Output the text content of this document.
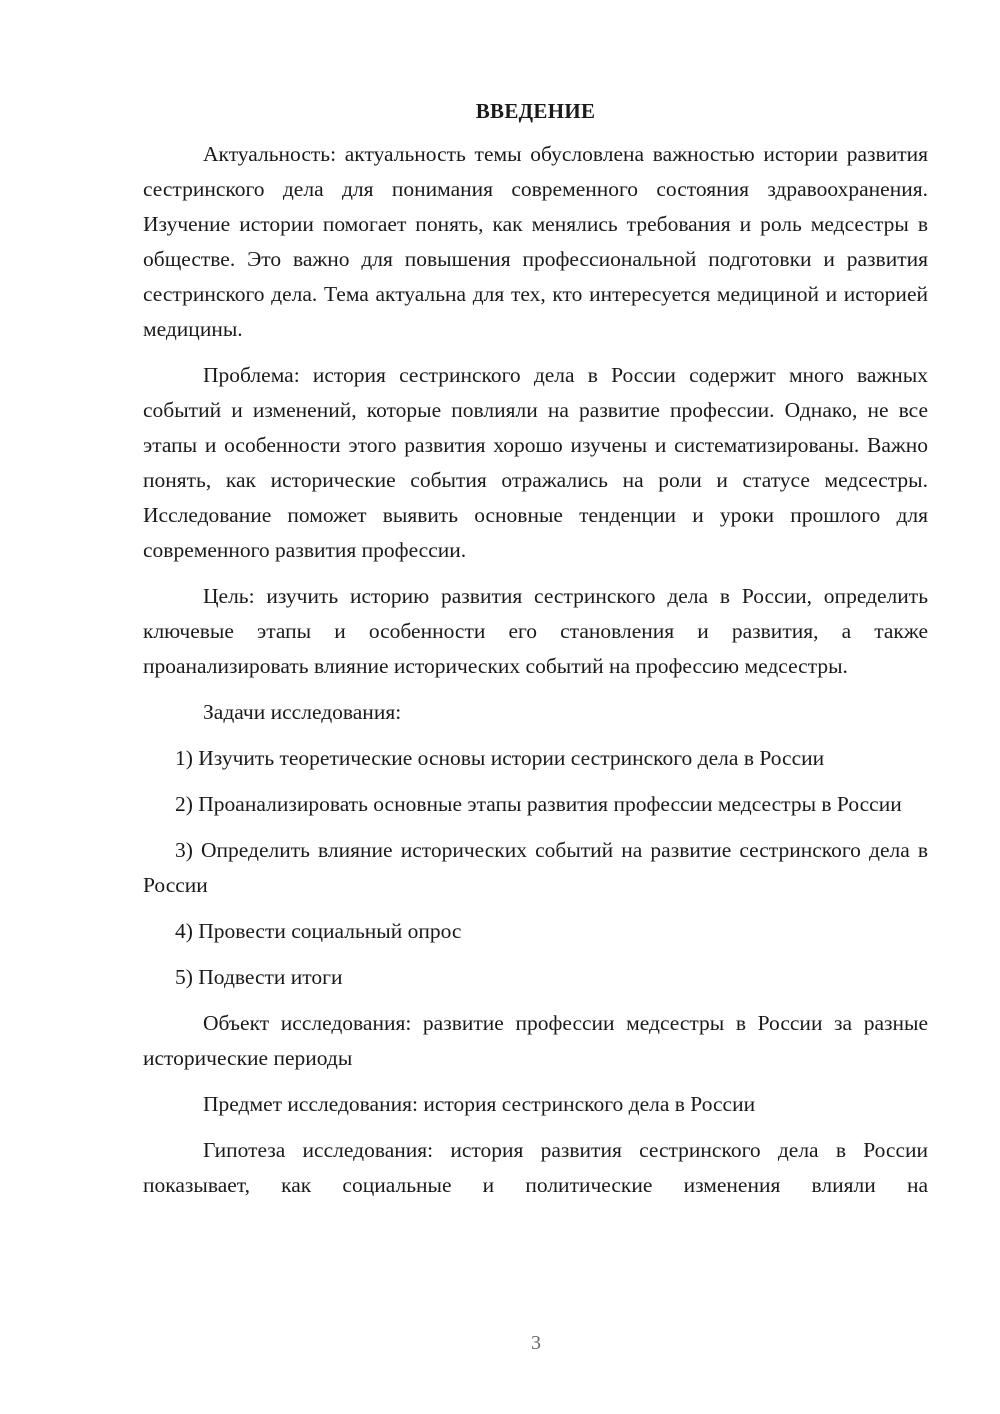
ВВЕДЕНИЕ

Актуальность: актуальность темы обусловлена важностью истории развития сестринского дела для понимания современного состояния здравоохранения. Изучение истории помогает понять, как менялись требования и роль медсестры в обществе. Это важно для повышения профессиональной подготовки и развития сестринского дела. Тема актуальна для тех, кто интересуется медициной и историей медицины.

Проблема: история сестринского дела в России содержит много важных событий и изменений, которые повлияли на развитие профессии. Однако, не все этапы и особенности этого развития хорошо изучены и систематизированы. Важно понять, как исторические события отражались на роли и статусе медсестры. Исследование поможет выявить основные тенденции и уроки прошлого для современного развития профессии.

Цель: изучить историю развития сестринского дела в России, определить ключевые этапы и особенности его становления и развития, а также проанализировать влияние исторических событий на профессию медсестры.

Задачи исследования:

1) Изучить теоретические основы истории сестринского дела в России

2) Проанализировать основные этапы развития профессии медсестры в России

3) Определить влияние исторических событий на развитие сестринского дела в России

4) Провести социальный опрос

5) Подвести итоги

Объект исследования: развитие профессии медсестры в России за разные исторические периоды

Предмет исследования: история сестринского дела в России

Гипотеза исследования: история развития сестринского дела в России показывает, как социальные и политические изменения влияли на

3
